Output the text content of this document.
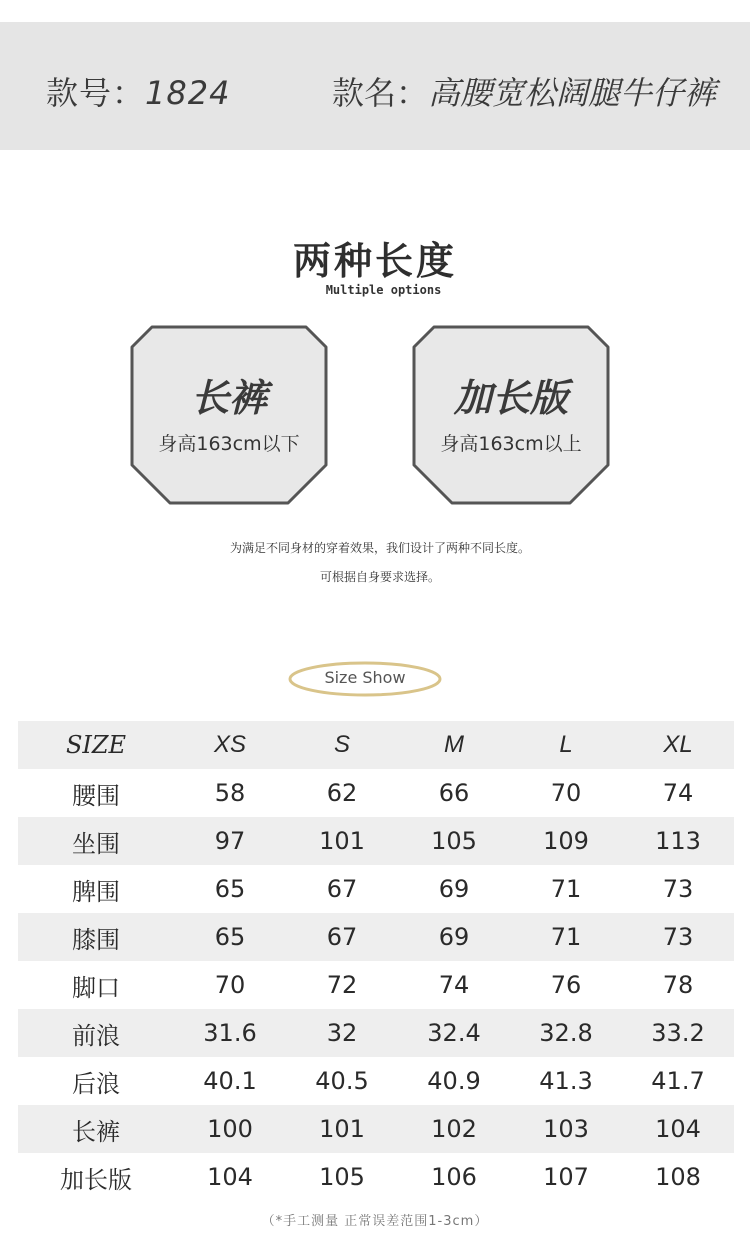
款号：1824	款名：高腰宽松阔腿牛仔裤
两种长度
Multiple options
长裤
身高163cm以下
加长版
身高163cm以上
为满足不同身材的穿着效果，我们设计了两种不同长度。
可根据自身要求选择。
Size Show
SIZE	XS	S	M	L	XL
腰围	58	62	66	70	74
坐围	97	101	105	109	113
脾围	65	67	69	71	73
膝围	65	67	69	71	73
脚口	70	72	74	76	78
前浪	31.6	32	32.4	32.8	33.2
后浪	40.1	40.5	40.9	41.3	41.7
长裤	100	101	102	103	104
加长版	104	105	106	107	108
（*手工测量 正常误差范围1-3cm）
